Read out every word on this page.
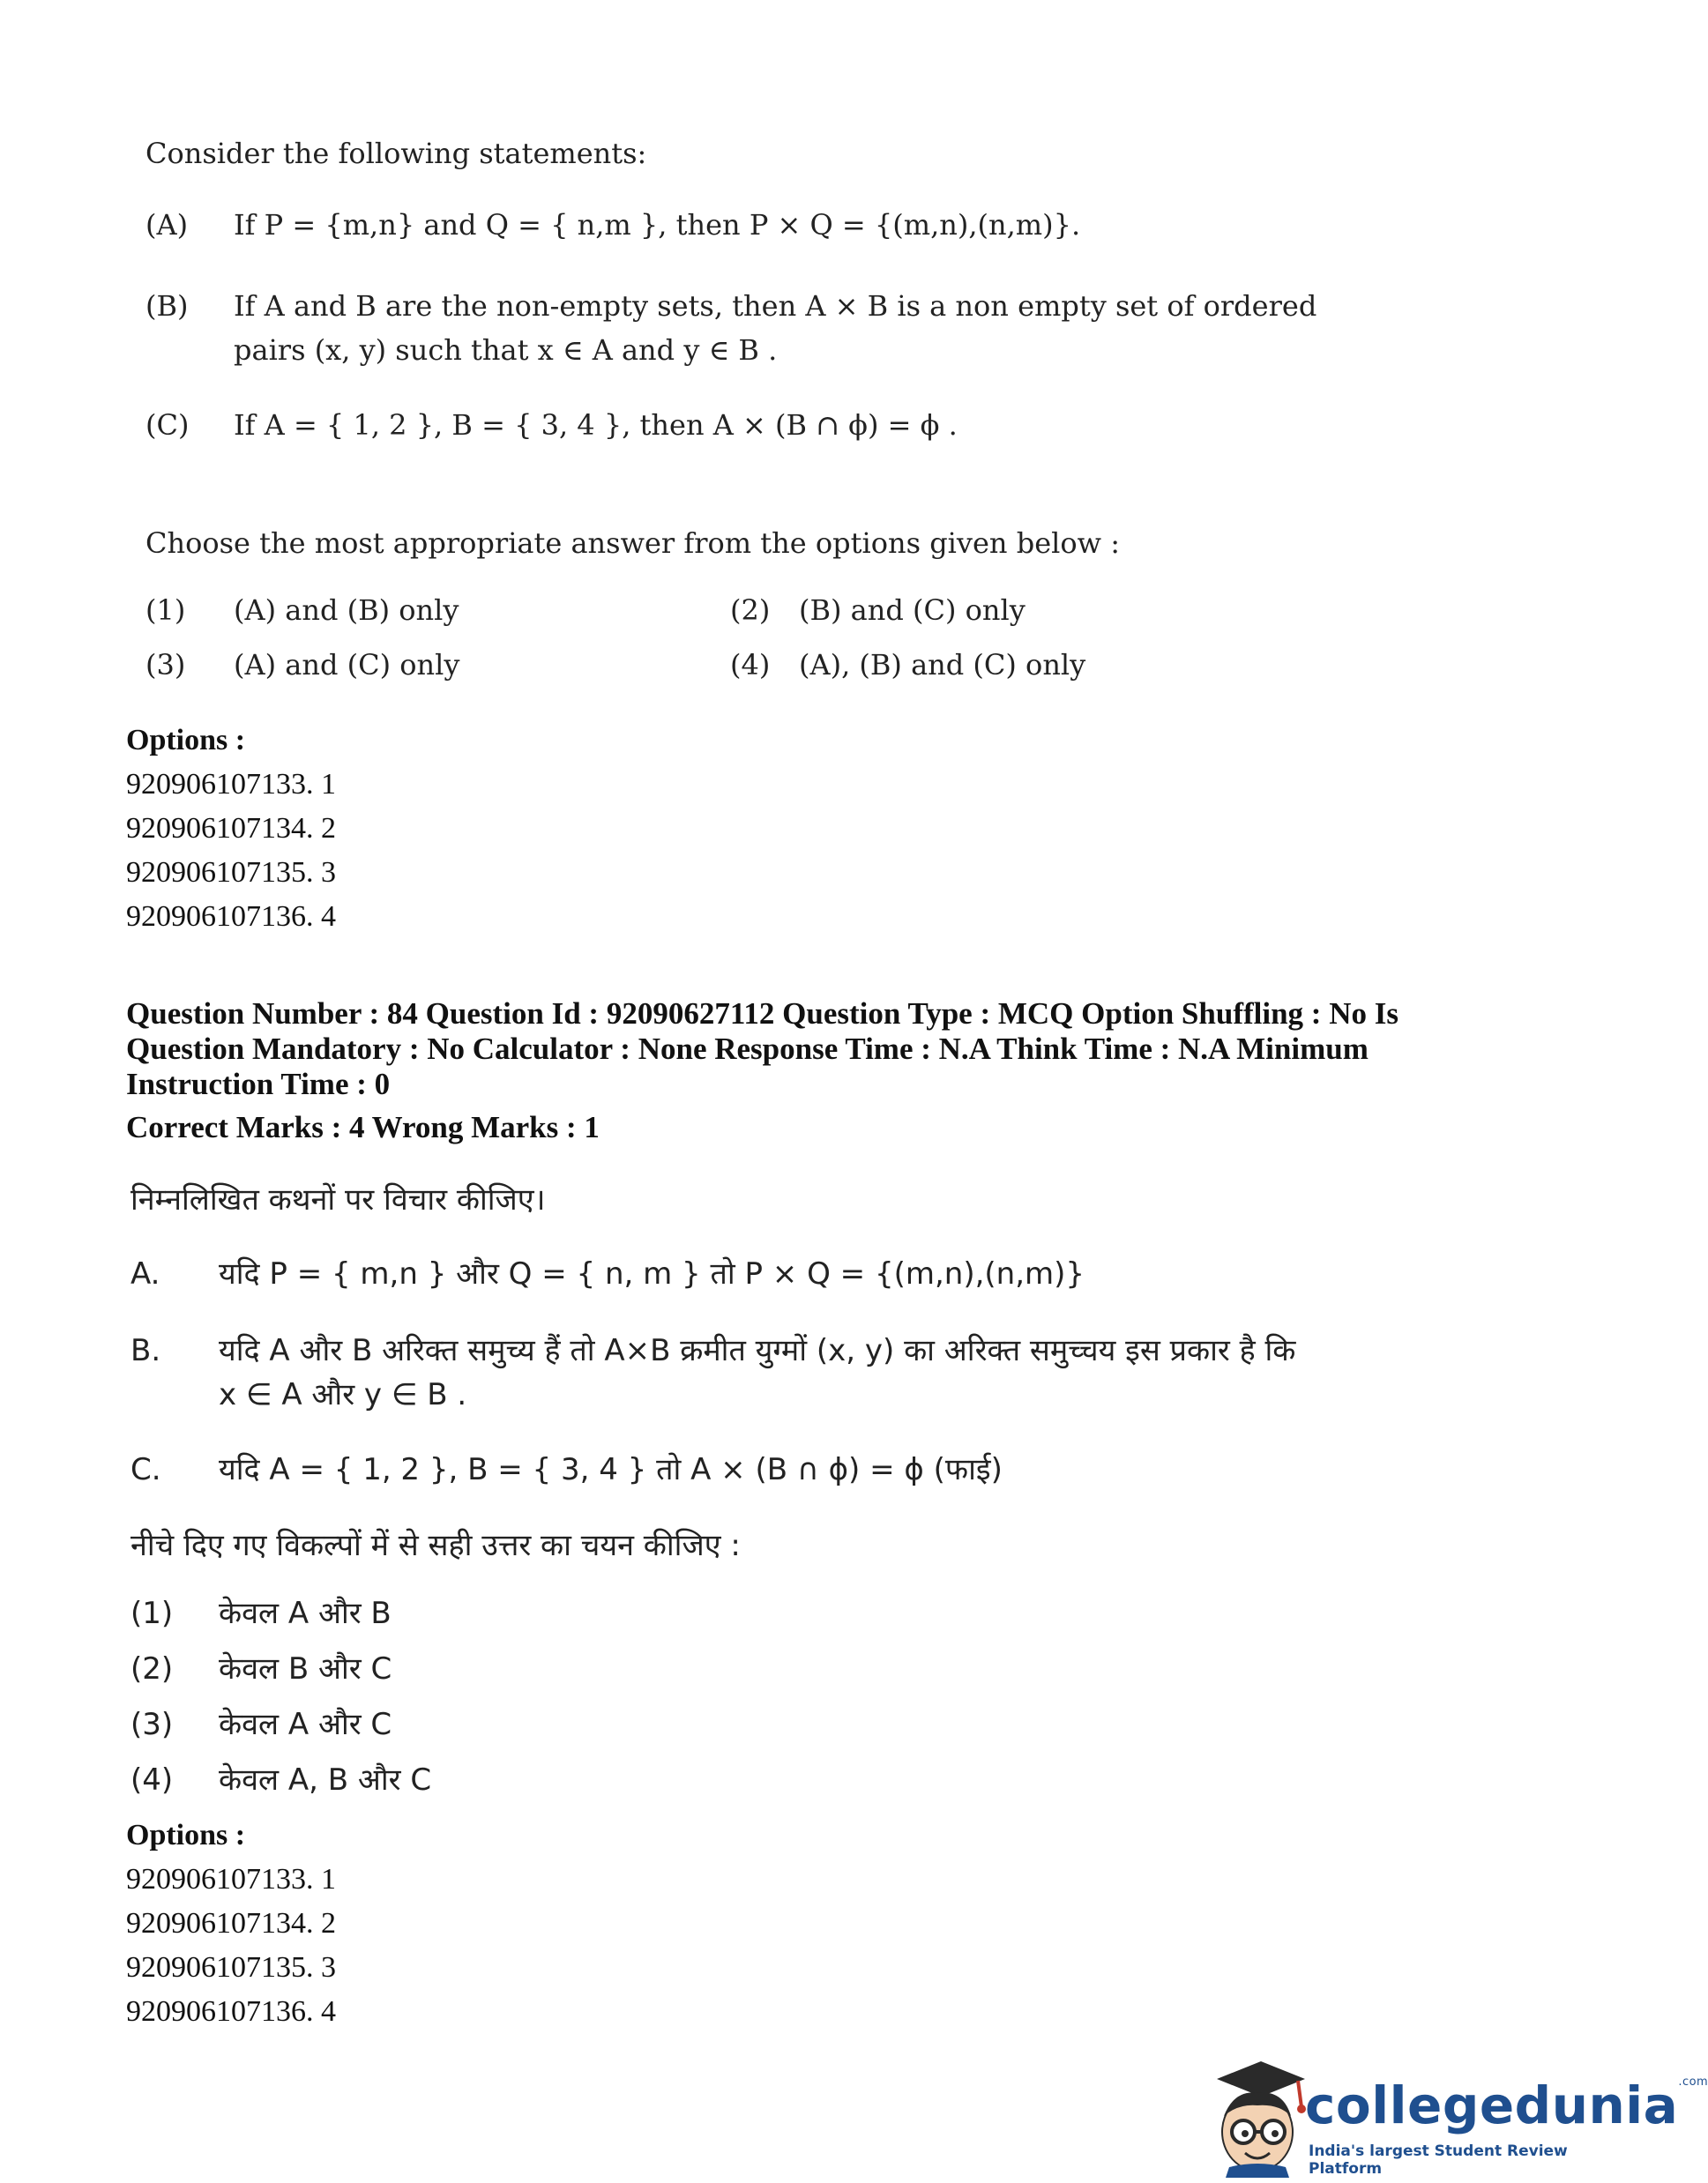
Consider the following statements:
(A) If P = {m,n} and Q = { n,m }, then P × Q = {(m,n),(n,m)}.
(B) If A and B are the non-empty sets, then A × B is a non empty set of ordered
pairs (x, y) such that x ∈ A and y ∈ B .
(C) If A = { 1, 2 }, B = { 3, 4 }, then A × (B ∩ ϕ) = ϕ .
Choose the most appropriate answer from the options given below :
(1) (A) and (B) only	(2) (B) and (C) only
(3) (A) and (C) only	(4) (A), (B) and (C) only
Options :
920906107133. 1
920906107134. 2
920906107135. 3
920906107136. 4
Question Number : 84 Question Id : 92090627112 Question Type : MCQ Option Shuffling : No Is
Question Mandatory : No Calculator : None Response Time : N.A Think Time : N.A Minimum
Instruction Time : 0
Correct Marks : 4 Wrong Marks : 1
निम्नलिखित कथनों पर विचार कीजिए।
A. यदि P = { m,n } और Q = { n, m } तो P × Q = {(m,n),(n,m)}
B. यदि A और B अरिक्त समुच्य हैं तो A×B क्रमीत युग्मों (x, y) का अरिक्त समुच्चय इस प्रकार है कि
x ∈ A और y ∈ B .
C. यदि A = { 1, 2 }, B = { 3, 4 } तो A × (B ∩ ϕ) = ϕ (फाई)
नीचे दिए गए विकल्पों में से सही उत्तर का चयन कीजिए :
(1) केवल A और B
(2) केवल B और C
(3) केवल A और C
(4) केवल A, B और C
Options :
920906107133. 1
920906107134. 2
920906107135. 3
920906107136. 4
collegedunia$^{.com}$
India's largest Student Review Platform
